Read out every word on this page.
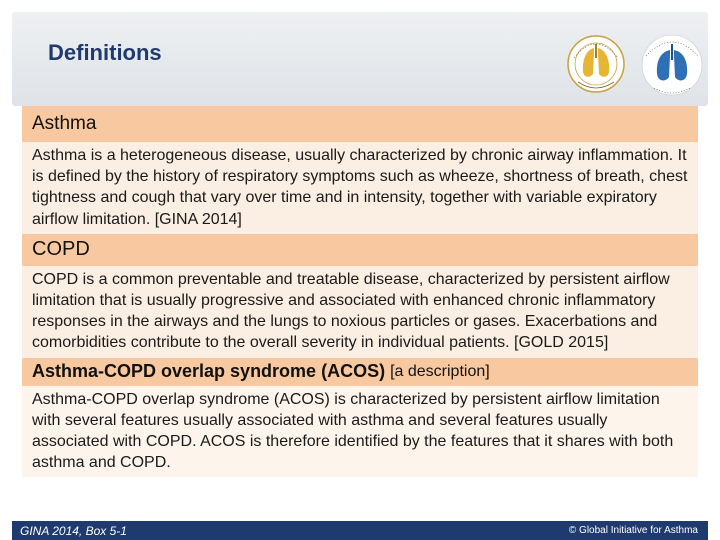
Definitions
Asthma
Asthma is a heterogeneous disease, usually characterized by chronic airway inflammation. It is defined by the history of respiratory symptoms such as wheeze, shortness of breath, chest tightness and cough that vary over time and in intensity, together with variable expiratory airflow limitation. [GINA 2014]
COPD
COPD is a common preventable and treatable disease, characterized by persistent airflow limitation that is usually progressive and associated with enhanced chronic inflammatory responses in the airways and the lungs to noxious particles or gases. Exacerbations and comorbidities contribute to the overall severity in individual patients. [GOLD 2015]
Asthma-COPD overlap syndrome (ACOS) [a description]
Asthma-COPD overlap syndrome (ACOS) is characterized by persistent airflow limitation with several features usually associated with asthma and several features usually associated with COPD. ACOS is therefore identified by the features that it shares with both asthma and COPD.
GINA 2014, Box 5-1	© Global Initiative for Asthma
